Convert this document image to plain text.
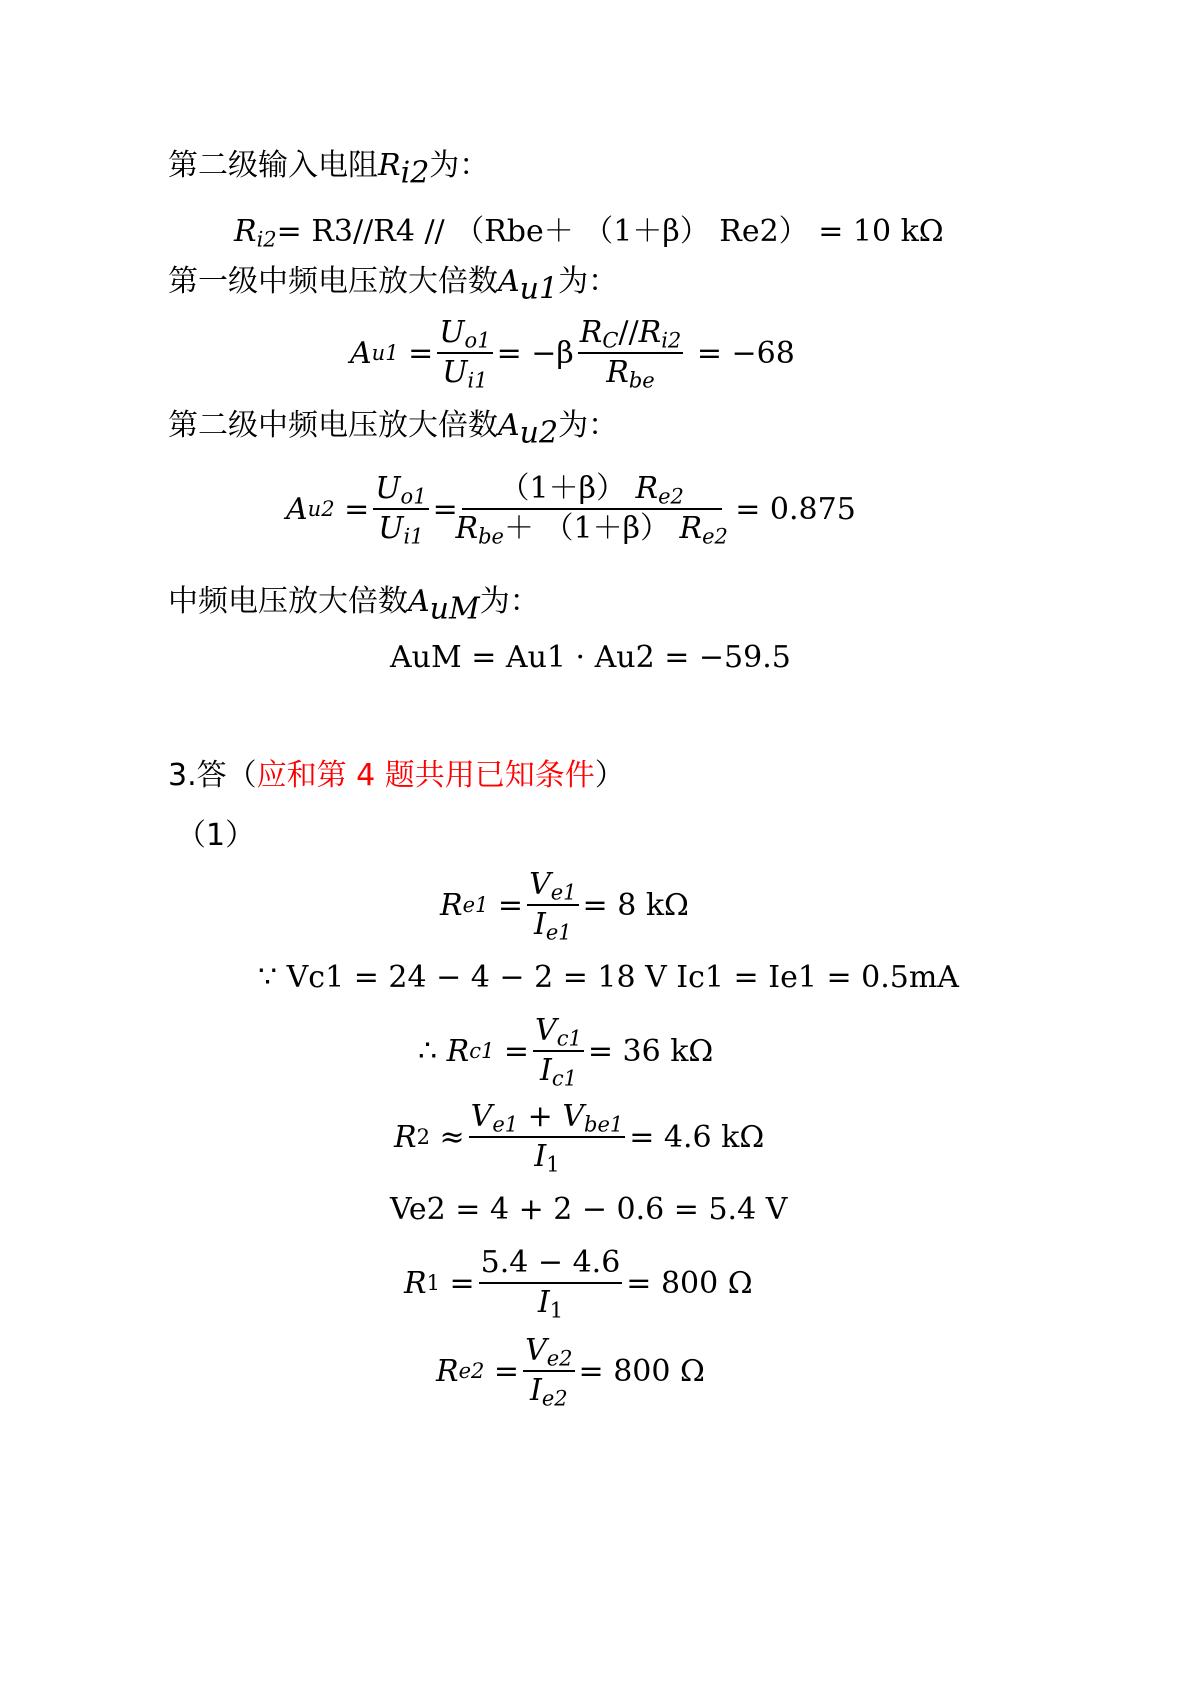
第二级输入电阻$R_{i2}$为：
$R_{i2}= R3//R4 // (Rbe+ (1+\beta) Re2) = 10$ kΩ
第一级中频电压放大倍数$A_{u1}$为：
A $u1 = \frac{U_{o1}}{U_{i1}} = -\beta \frac{R_C//R_{i2}}{R_{be}}$
= −68
第二级中频电压放大倍数$A_{u2}$为：
A $u2 = \frac{U_{o1}}{U_{i1}} = \frac{(1+\beta) R_{e2}}{R_{be}+ (1+\beta) R_{e2}}$
= 0.875
中频电压放大倍数$A_{uM}$为：
AuM = Au1 · Au2 = −59.5
3.答（应和第 4 题共用已知条件）
（1）
R $e1 = \frac{V_{e1}}{I_{e1}} = 8$ kΩ
∵ Vc1 = 24 − 4 − 2 = 18 V Ic1 = Ie1 = 0.5mA
∴
R $c1 = \frac{V_{c1}}{I_{c1}} = 36$ kΩ
R $2 \approx \frac{V_{e1} + V_{be1}}{I_1} = 4.6$ kΩ
Ve2 = 4 + 2 − 0.6 = 5.4 V
R $1 = \frac{5.4 - 4.6}{I_1} = 800$ Ω
R $e2 = \frac{V_{e2}}{I_{e2}} = 800$ Ω
